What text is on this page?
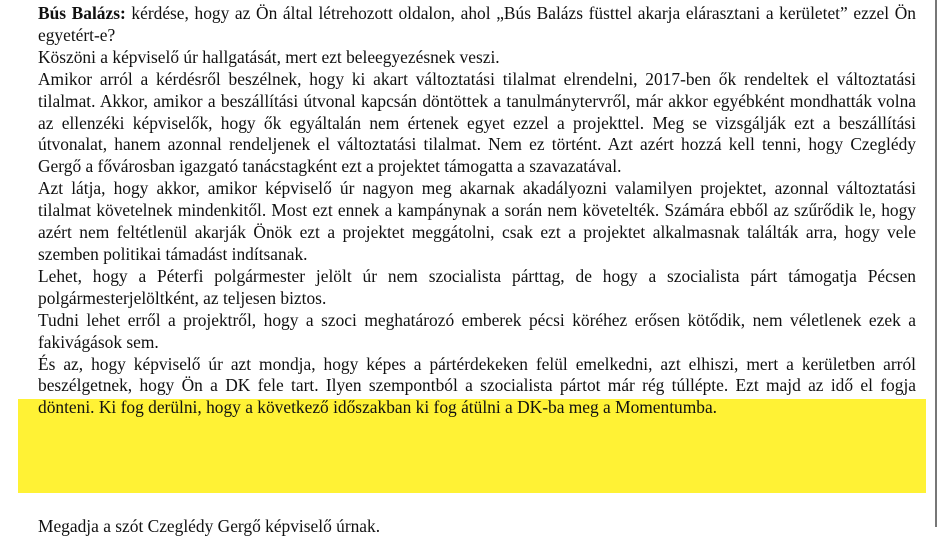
Bús Balázs: kérdése, hogy az Ön által létrehozott oldalon, ahol „Bús Balázs füsttel akarja elárasztani a kerületet” ezzel Ön egyetért-e?

Köszöni a képviselő úr hallgatását, mert ezt beleegyezésnek veszi.

Amikor arról a kérdésről beszélnek, hogy ki akart változtatási tilalmat elrendelni, 2017-ben ők rendeltek el változtatási tilalmat. Akkor, amikor a beszállítási útvonal kapcsán döntöttek a tanulmánytervről, már akkor egyébként mondhatták volna az ellenzéki képviselők, hogy ők egyáltalán nem értenek egyet ezzel a projekttel. Meg se vizsgálják ezt a beszállítási útvonalat, hanem azonnal rendeljenek el változtatási tilalmat. Nem ez történt. Azt azért hozzá kell tenni, hogy Czeglédy Gergő a fővárosban igazgató tanácstagként ezt a projektet támogatta a szavazatával.

Azt látja, hogy akkor, amikor képviselő úr nagyon meg akarnak akadályozni valamilyen projektet, azonnal változtatási tilalmat követelnek mindenkitől. Most ezt ennek a kampánynak a során nem követelték. Számára ebből az szűrődik le, hogy azért nem feltétlenül akarják Önök ezt a projektet meggátolni, csak ezt a projektet alkalmasnak találták arra, hogy vele szemben politikai támadást indítsanak.

Lehet, hogy a Péterfi polgármester jelölt úr nem szocialista párttag, de hogy a szocialista párt támogatja Pécsen polgármesterjelöltként, az teljesen biztos.

Tudni lehet erről a projektről, hogy a szoci meghatározó emberek pécsi köréhez erősen kötődik, nem véletlenek ezek a fakivágások sem.

És az, hogy képviselő úr azt mondja, hogy képes a pártérdekeken felül emelkedni, azt elhiszi, mert a kerületben arról beszélgetnek, hogy Ön a DK fele tart. Ilyen szempontból a szocialista pártot már rég túllépte. Ezt majd az idő el fogja dönteni. Ki fog derülni, hogy a következő időszakban ki fog átülni a DK-ba meg a Momentumba.

Megadja a szót Czeglédy Gergő képviselő úrnak.
